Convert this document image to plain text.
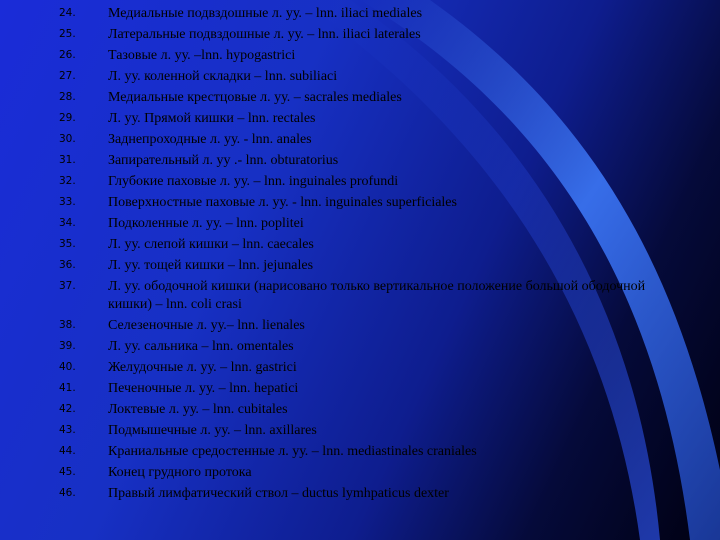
24.	Медиальные подвздошные л. уу. – lnn. iliaci mediales
25.	Латеральные подвздошные л. уу. – lnn. iliaci laterales
26.	Тазовые л. уу. –lnn. hypogastrici
27.	Л. уу. коленной складки – lnn. subiliaci
28.	Медиальные крестцовые л. уу. – sacrales mediales
29.	Л. уу. Прямой кишки – lnn. rectales
30.	Заднепроходные л. уу. - lnn. anales
31.	Запирательный л. уу .- lnn. obturatorius
32.	Глубокие паховые л. уу. – lnn. inguinales profundi
33.	Поверхностные паховые л. уу. - lnn. inguinales superficiales
34.	Подколенные л. уу. – lnn. poplitei
35.	Л. уу. слепой кишки – lnn. caecales
36.	Л. уу. тощей кишки – lnn. jejunales
37.	Л. уу. ободочной кишки (нарисовано только вертикальное положение большой ободочной кишки) – lnn. coli crasi
38.	Селезеночные л. уу.– lnn. lienales
39.	Л. уу. сальника – lnn. omentales
40.	Желудочные л. уу. – lnn. gastrici
41.	Печеночные л. уу. – lnn. hepatici
42.	Локтевые л. уу. – lnn. cubitales
43.	Подмышечные л. уу. – lnn. axillares
44.	Краниальные средостенные л. уу. – lnn. mediastinales craniales
45.	Конец грудного протока
46.	Правый лимфатический ствол – ductus lymhpaticus dexter
